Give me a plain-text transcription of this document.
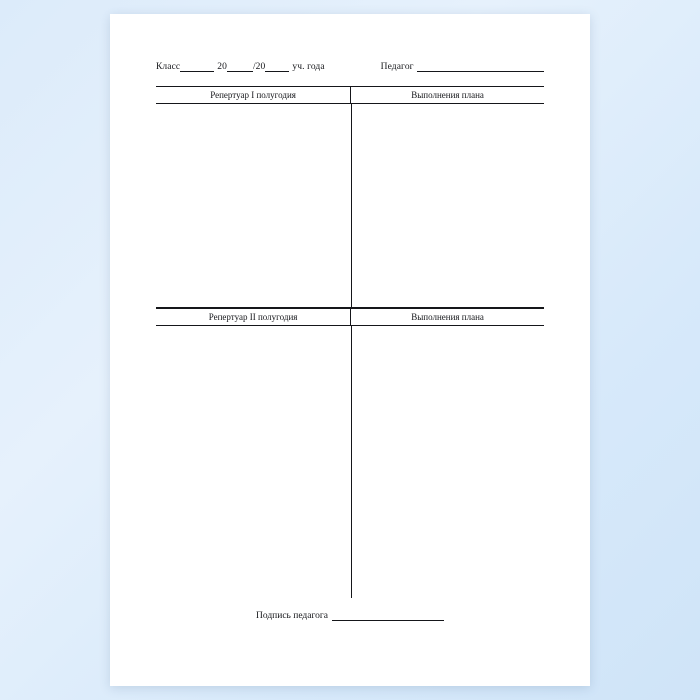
Класс	20	/20	уч. года	Педагог
Репертуар I полугодия	Выполнения плана
Репертуар II полугодия	Выполнения плана
Подпись педагога
